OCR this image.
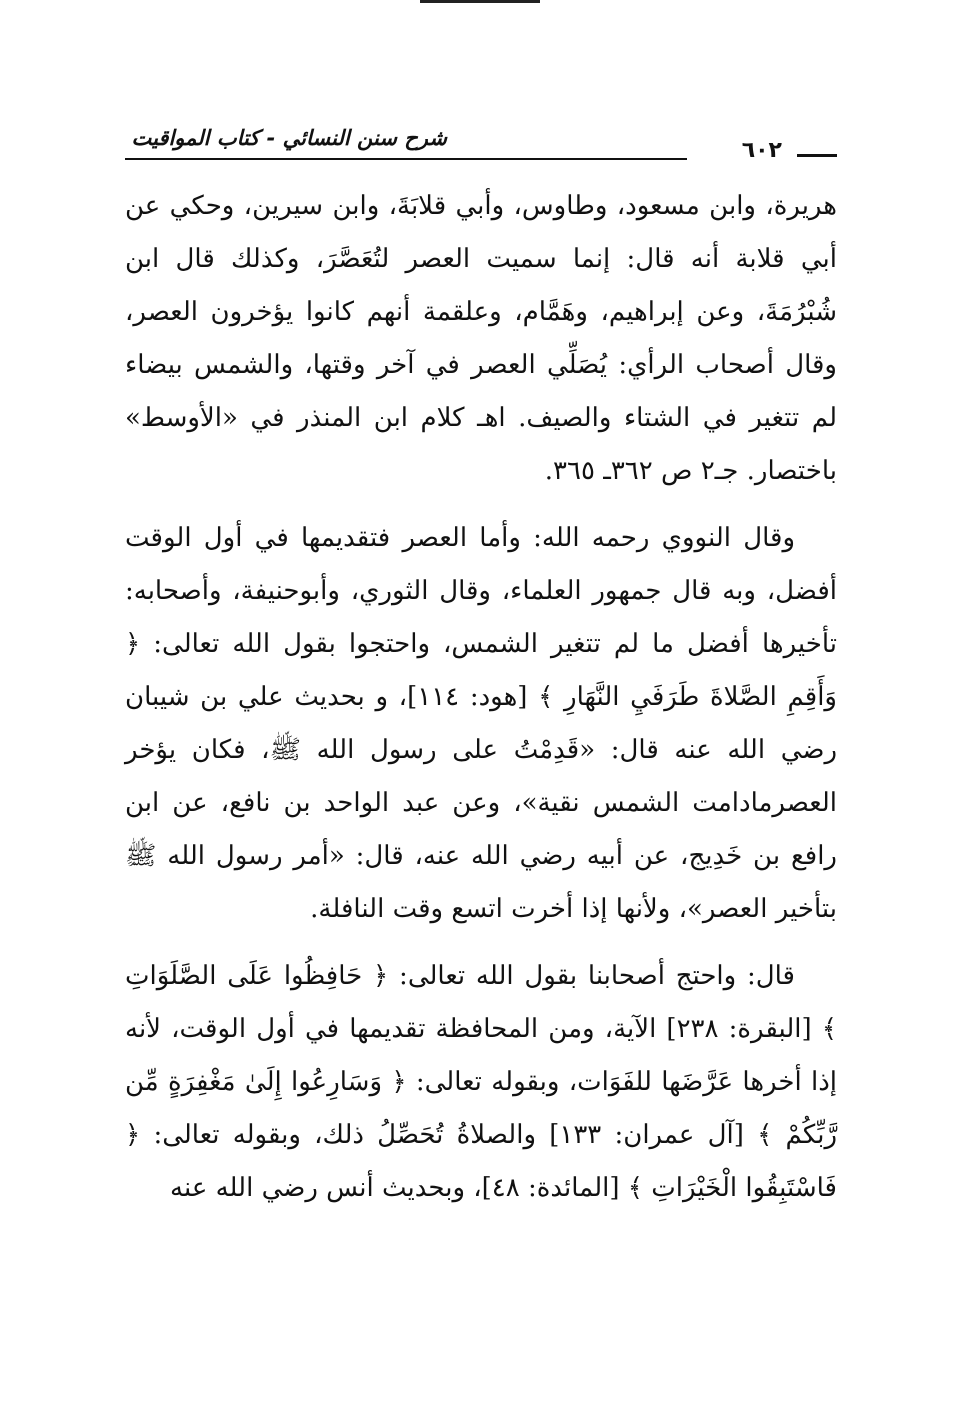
٦٠٢
شرح سنن النسائي - كتاب المواقيت

هريرة، وابن مسعود، وطاوس، وأبي قلابَةَ، وابن سيرين، وحكي عن أبي قلابة أنه قال: إنما سميت العصر لتُعَصَّرَ، وكذلك قال ابن شُبْرُمَةَ، وعن إبراهيم، وهَمَّام، وعلقمة أنهم كانوا يؤخرون العصر، وقال أصحاب الرأي: يُصَلِّي العصر في آخر وقتها، والشمس بيضاء لم تتغير في الشتاء والصيف. اهـ كلام ابن المنذر في «الأوسط» باختصار. جـ٢ ص ٣٦٢ـ ٣٦٥.

وقال النووي رحمه الله: وأما العصر فتقديمها في أول الوقت أفضل، وبه قال جمهور العلماء، وقال الثوري، وأبوحنيفة، وأصحابه: تأخيرها أفضل ما لم تتغير الشمس، واحتجوا بقول الله تعالى: ﴿ وَأَقِمِ الصَّلاةَ طَرَفَيِ النَّهَارِ ﴾ [هود: ١١٤]، و بحديث علي بن شيبان رضي الله عنه قال: «قَدِمْتُ على رسول الله ﷺ، فكان يؤخر العصرمادامت الشمس نقية»، وعن عبد الواحد بن نافع، عن ابن رافع بن خَدِيج، عن أبيه رضي الله عنه، قال: «أمر رسول الله ﷺ بتأخير العصر»، ولأنها إذا أخرت اتسع وقت النافلة.

قال: واحتج أصحابنا بقول الله تعالى: ﴿ حَافِظُوا عَلَى الصَّلَوَاتِ ﴾ [البقرة: ٢٣٨] الآية، ومن المحافظة تقديمها في أول الوقت، لأنه إذا أخرها عَرَّضَها للفَوَات، وبقوله تعالى: ﴿ وَسَارِعُوا إِلَىٰ مَغْفِرَةٍ مِّن رَّبِّكُمْ ﴾ [آل عمران: ١٣٣] والصلاةُ تُحَصِّلُ ذلك، وبقوله تعالى: ﴿ فَاسْتَبِقُوا الْخَيْرَاتِ ﴾ [المائدة: ٤٨]، وبحديث أنس رضي الله عنه
